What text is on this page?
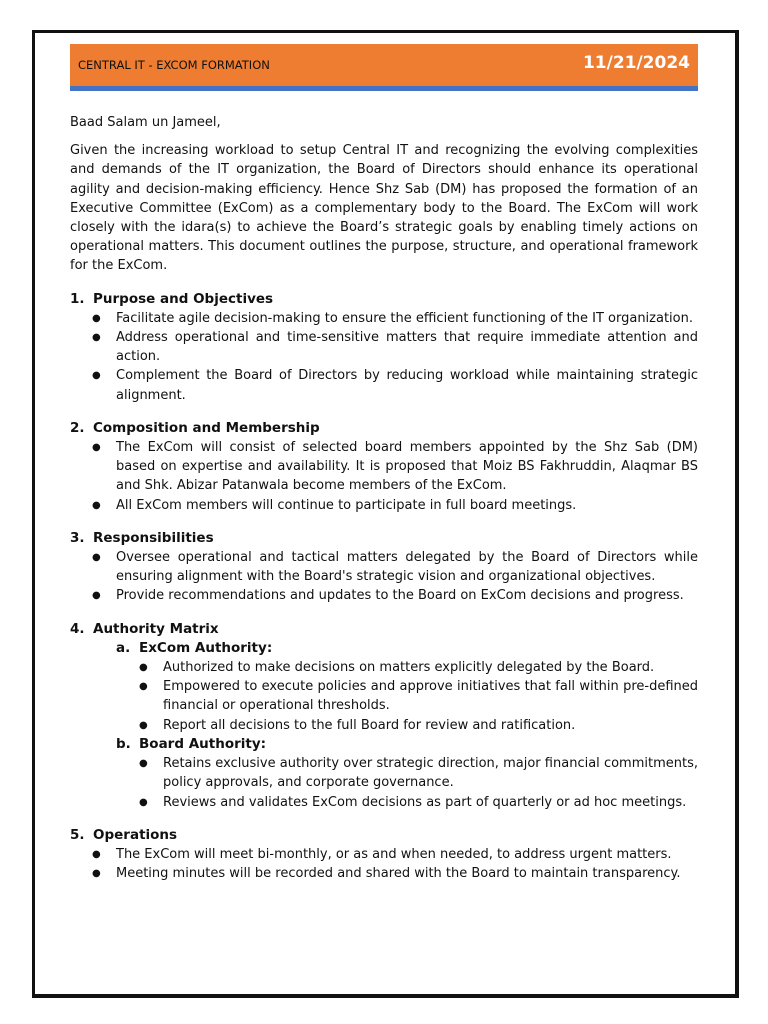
CENTRAL IT - EXCOM FORMATION	11/21/2024

Baad Salam un Jameel,

Given the increasing workload to setup Central IT and recognizing the evolving complexities and demands of the IT organization, the Board of Directors should enhance its operational agility and decision-making efficiency. Hence Shz Sab (DM) has proposed the formation of an Executive Committee (ExCom) as a complementary body to the Board. The ExCom will work closely with the idara(s) to achieve the Board’s strategic goals by enabling timely actions on operational matters. This document outlines the purpose, structure, and operational framework for the ExCom.

1. Purpose and Objectives
● Facilitate agile decision-making to ensure the efficient functioning of the IT organization.
● Address operational and time-sensitive matters that require immediate attention and action.
● Complement the Board of Directors by reducing workload while maintaining strategic alignment.
2. Composition and Membership
● The ExCom will consist of selected board members appointed by the Shz Sab (DM) based on expertise and availability. It is proposed that Moiz BS Fakhruddin, Alaqmar BS and Shk. Abizar Patanwala become members of the ExCom.
● All ExCom members will continue to participate in full board meetings.
3. Responsibilities
● Oversee operational and tactical matters delegated by the Board of Directors while ensuring alignment with the Board's strategic vision and organizational objectives.
● Provide recommendations and updates to the Board on ExCom decisions and progress.
4. Authority Matrix
a. ExCom Authority:
● Authorized to make decisions on matters explicitly delegated by the Board.
● Empowered to execute policies and approve initiatives that fall within pre-defined financial or operational thresholds.
● Report all decisions to the full Board for review and ratification.
b. Board Authority:
● Retains exclusive authority over strategic direction, major financial commitments, policy approvals, and corporate governance.
● Reviews and validates ExCom decisions as part of quarterly or ad hoc meetings.
5. Operations
● The ExCom will meet bi-monthly, or as and when needed, to address urgent matters.
● Meeting minutes will be recorded and shared with the Board to maintain transparency.
